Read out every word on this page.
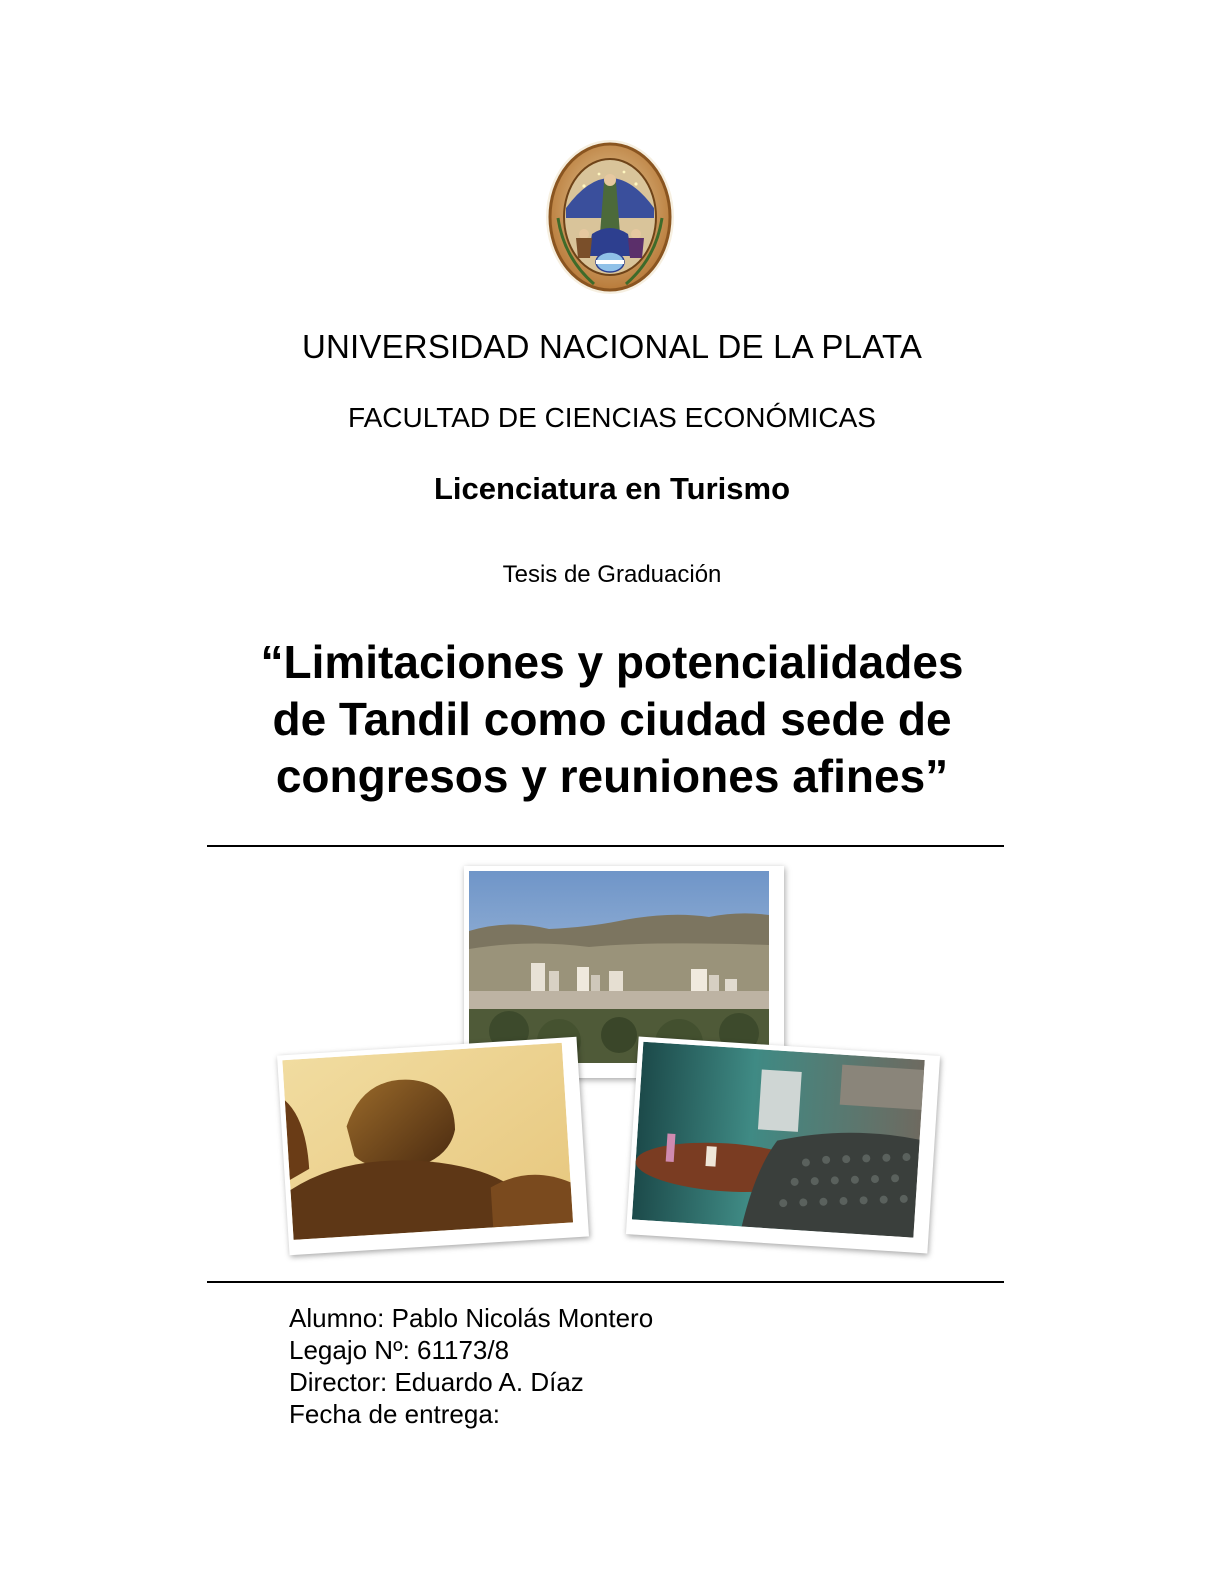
UNIVERSIDAD NACIONAL DE LA PLATA
FACULTAD DE CIENCIAS ECONÓMICAS
Licenciatura en Turismo

Tesis de Graduación

“Limitaciones y potencialidades
de Tandil como ciudad sede de
congresos y reuniones afines”
Alumno: Pablo Nicolás Montero
Legajo Nº: 61173/8
Director: Eduardo A. Díaz
Fecha de entrega:
